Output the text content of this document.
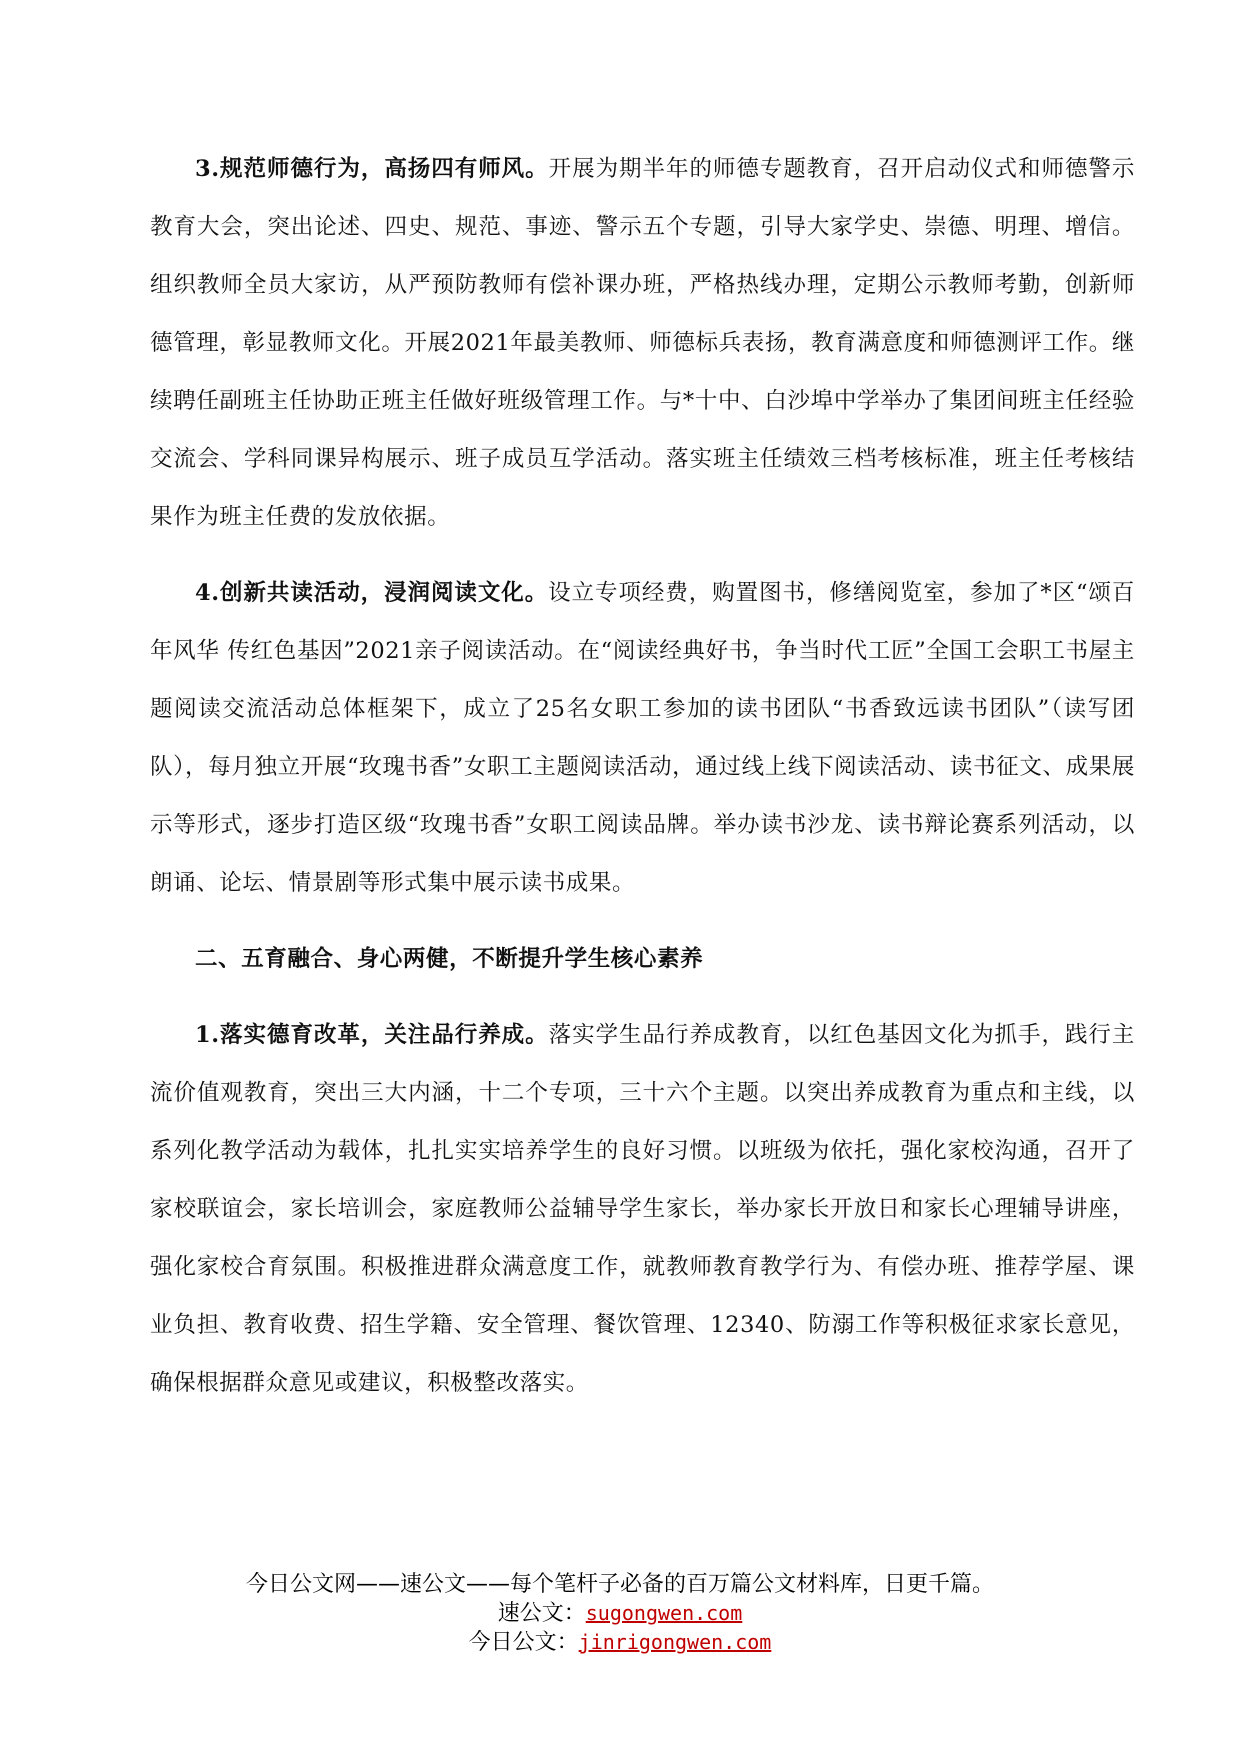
3.规范师德行为，高扬四有师风。开展为期半年的师德专题教育，召开启动仪式和师德警示教育大会，突出论述、四史、规范、事迹、警示五个专题，引导大家学史、崇德、明理、增信。组织教师全员大家访，从严预防教师有偿补课办班，严格热线办理，定期公示教师考勤，创新师德管理，彰显教师文化。开展2021年最美教师、师德标兵表扬，教育满意度和师德测评工作。继续聘任副班主任协助正班主任做好班级管理工作。与*十中、白沙埠中学举办了集团间班主任经验交流会、学科同课异构展示、班子成员互学活动。落实班主任绩效三档考核标准，班主任考核结果作为班主任费的发放依据。

4.创新共读活动，浸润阅读文化。设立专项经费，购置图书，修缮阅览室，参加了*区“颂百年风华 传红色基因”2021亲子阅读活动。在“阅读经典好书，争当时代工匠”全国工会职工书屋主题阅读交流活动总体框架下，成立了25名女职工参加的读书团队“书香致远读书团队”（读写团队），每月独立开展“玫瑰书香”女职工主题阅读活动，通过线上线下阅读活动、读书征文、成果展示等形式，逐步打造区级“玫瑰书香”女职工阅读品牌。举办读书沙龙、读书辩论赛系列活动，以朗诵、论坛、情景剧等形式集中展示读书成果。

二、五育融合、身心两健，不断提升学生核心素养

1.落实德育改革，关注品行养成。落实学生品行养成教育，以红色基因文化为抓手，践行主流价值观教育，突出三大内涵，十二个专项，三十六个主题。以突出养成教育为重点和主线，以系列化教学活动为载体，扎扎实实培养学生的良好习惯。以班级为依托，强化家校沟通，召开了家校联谊会，家长培训会，家庭教师公益辅导学生家长，举办家长开放日和家长心理辅导讲座，强化家校合育氛围。积极推进群众满意度工作，就教师教育教学行为、有偿办班、推荐学屋、课业负担、教育收费、招生学籍、安全管理、餐饮管理、12340、防溺工作等积极征求家长意见，确保根据群众意见或建议，积极整改落实。

今日公文网——速公文——每个笔杆子必备的百万篇公文材料库，日更千篇。
速公文：sugongwen.com
今日公文：jinrigongwen.com
